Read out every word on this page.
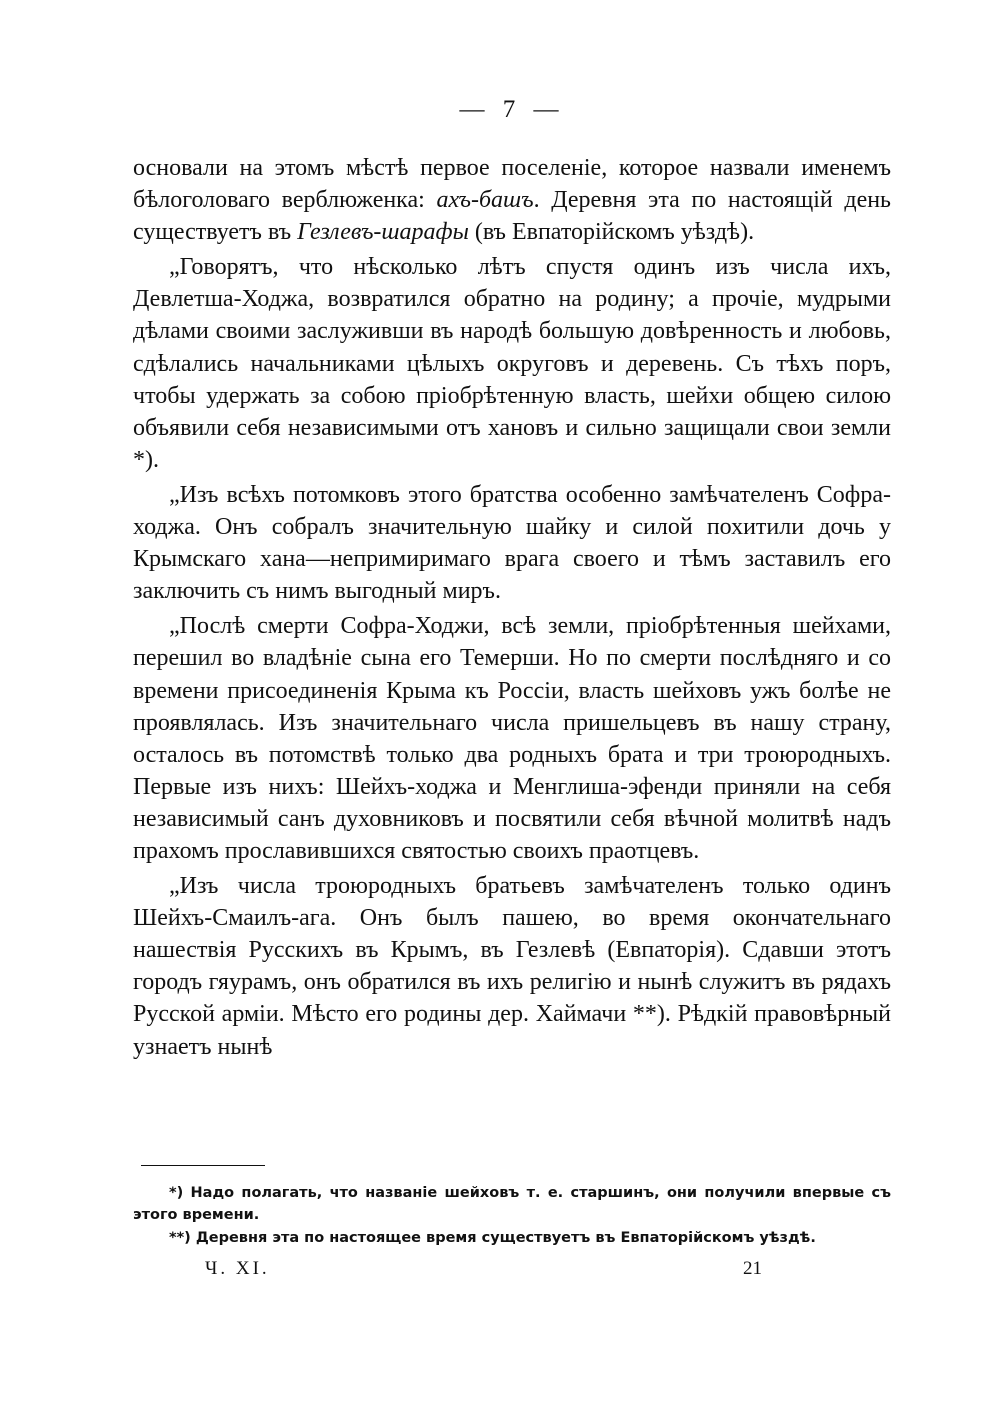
— 7 —

основали на этомъ мѣстѣ первое поселеніе, которое назвали именемъ бѣлоголоваго верблюженка: ахъ-башъ. Деревня эта по настоящій день существуетъ въ Гезлевъ-шарафы (въ Евпаторійскомъ уѣздѣ).

„Говорятъ, что нѣсколько лѣтъ спустя одинъ изъ числа ихъ, Девлетша-Ходжа, возвратился обратно на родину; а прочіе, мудрыми дѣлами своими заслуживши въ народѣ большую довѣренность и любовь, сдѣлались начальниками цѣлыхъ округовъ и деревень. Съ тѣхъ поръ, чтобы удержать за собою пріобрѣтенную власть, шейхи общею силою объявили себя независимыми отъ хановъ и сильно защищали свои земли *).

„Изъ всѣхъ потомковъ этого братства особенно замѣчателенъ Софра-ходжа. Онъ собралъ значительную шайку и силой похитили дочь у Крымскаго хана—непримиримаго врага своего и тѣмъ заставилъ его заключить съ нимъ выгодный миръ.

„Послѣ смерти Софра-Ходжи, всѣ земли, пріобрѣтенныя шейхами, перешил во владѣніе сына его Темерши. Но по смерти послѣдняго и со времени присоединенія Крыма къ Россіи, власть шейховъ ужъ болѣе не проявлялась. Изъ значительнаго числа пришельцевъ въ нашу страну, осталось въ потомствѣ только два родныхъ брата и три троюродныхъ. Первые изъ нихъ: Шейхъ-ходжа и Менглиша-эфенди приняли на себя независимый санъ духовниковъ и посвятили себя вѣчной молитвѣ надъ прахомъ прославившихся святостью своихъ праотцевъ.

„Изъ числа троюродныхъ братьевъ замѣчателенъ только одинъ Шейхъ-Смаилъ-ага. Онъ былъ пашею, во время окончательнаго нашествія Русскихъ въ Крымъ, въ Гезлевѣ (Евпаторія). Сдавши этотъ городъ гяурамъ, онъ обратился въ ихъ религію и нынѣ служитъ въ рядахъ Русской арміи. Мѣсто его родины дер. Хаймачи **). Рѣдкій правовѣрный узнаетъ нынѣ

*) Надо полагать, что названіе шейховъ т. е. старшинъ, они получили впервые съ этого времени.

**) Деревня эта по настоящее время существуетъ въ Евпаторійскомъ уѣздѣ.

Ч. XI.	21
